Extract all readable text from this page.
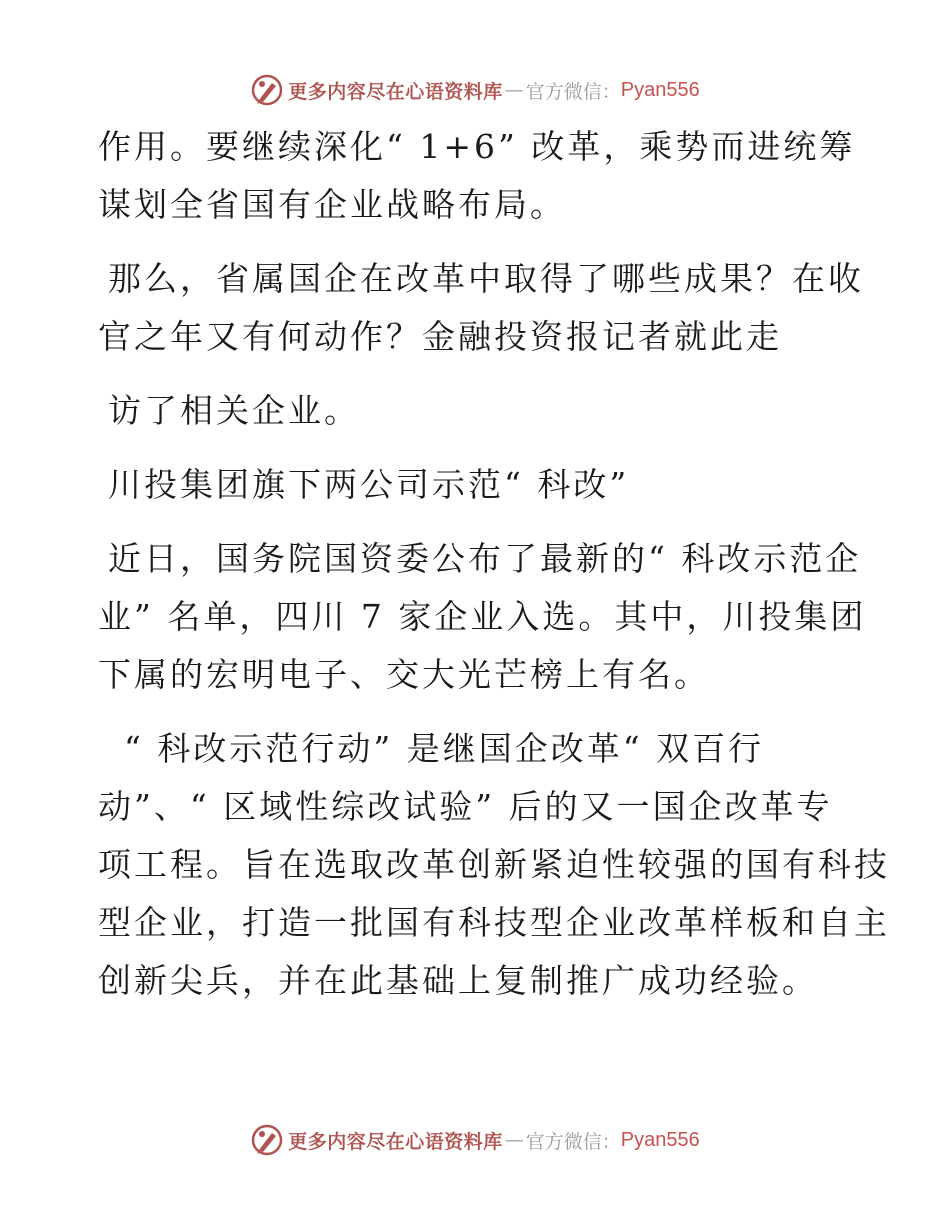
更多内容尽在心语资料库 — 官方微信： Pyan556
作用。要继续深化“ 1+6” 改革，乘势而进统筹
谋划全省国有企业战略布局。
那么，省属国企在改革中取得了哪些成果？在收
官之年又有何动作？金融投资报记者就此走
访了相关企业。
川投集团旗下两公司示范“ 科改”
近日，国务院国资委公布了最新的“ 科改示范企
业” 名单，四川 7 家企业入选。其中，川投集团
下属的宏明电子、交大光芒榜上有名。
“ 科改示范行动” 是继国企改革“ 双百行
动”、“ 区域性综改试验” 后的又一国企改革专
项工程。旨在选取改革创新紧迫性较强的国有科技
型企业，打造一批国有科技型企业改革样板和自主
创新尖兵，并在此基础上复制推广成功经验。
更多内容尽在心语资料库 — 官方微信： Pyan556
